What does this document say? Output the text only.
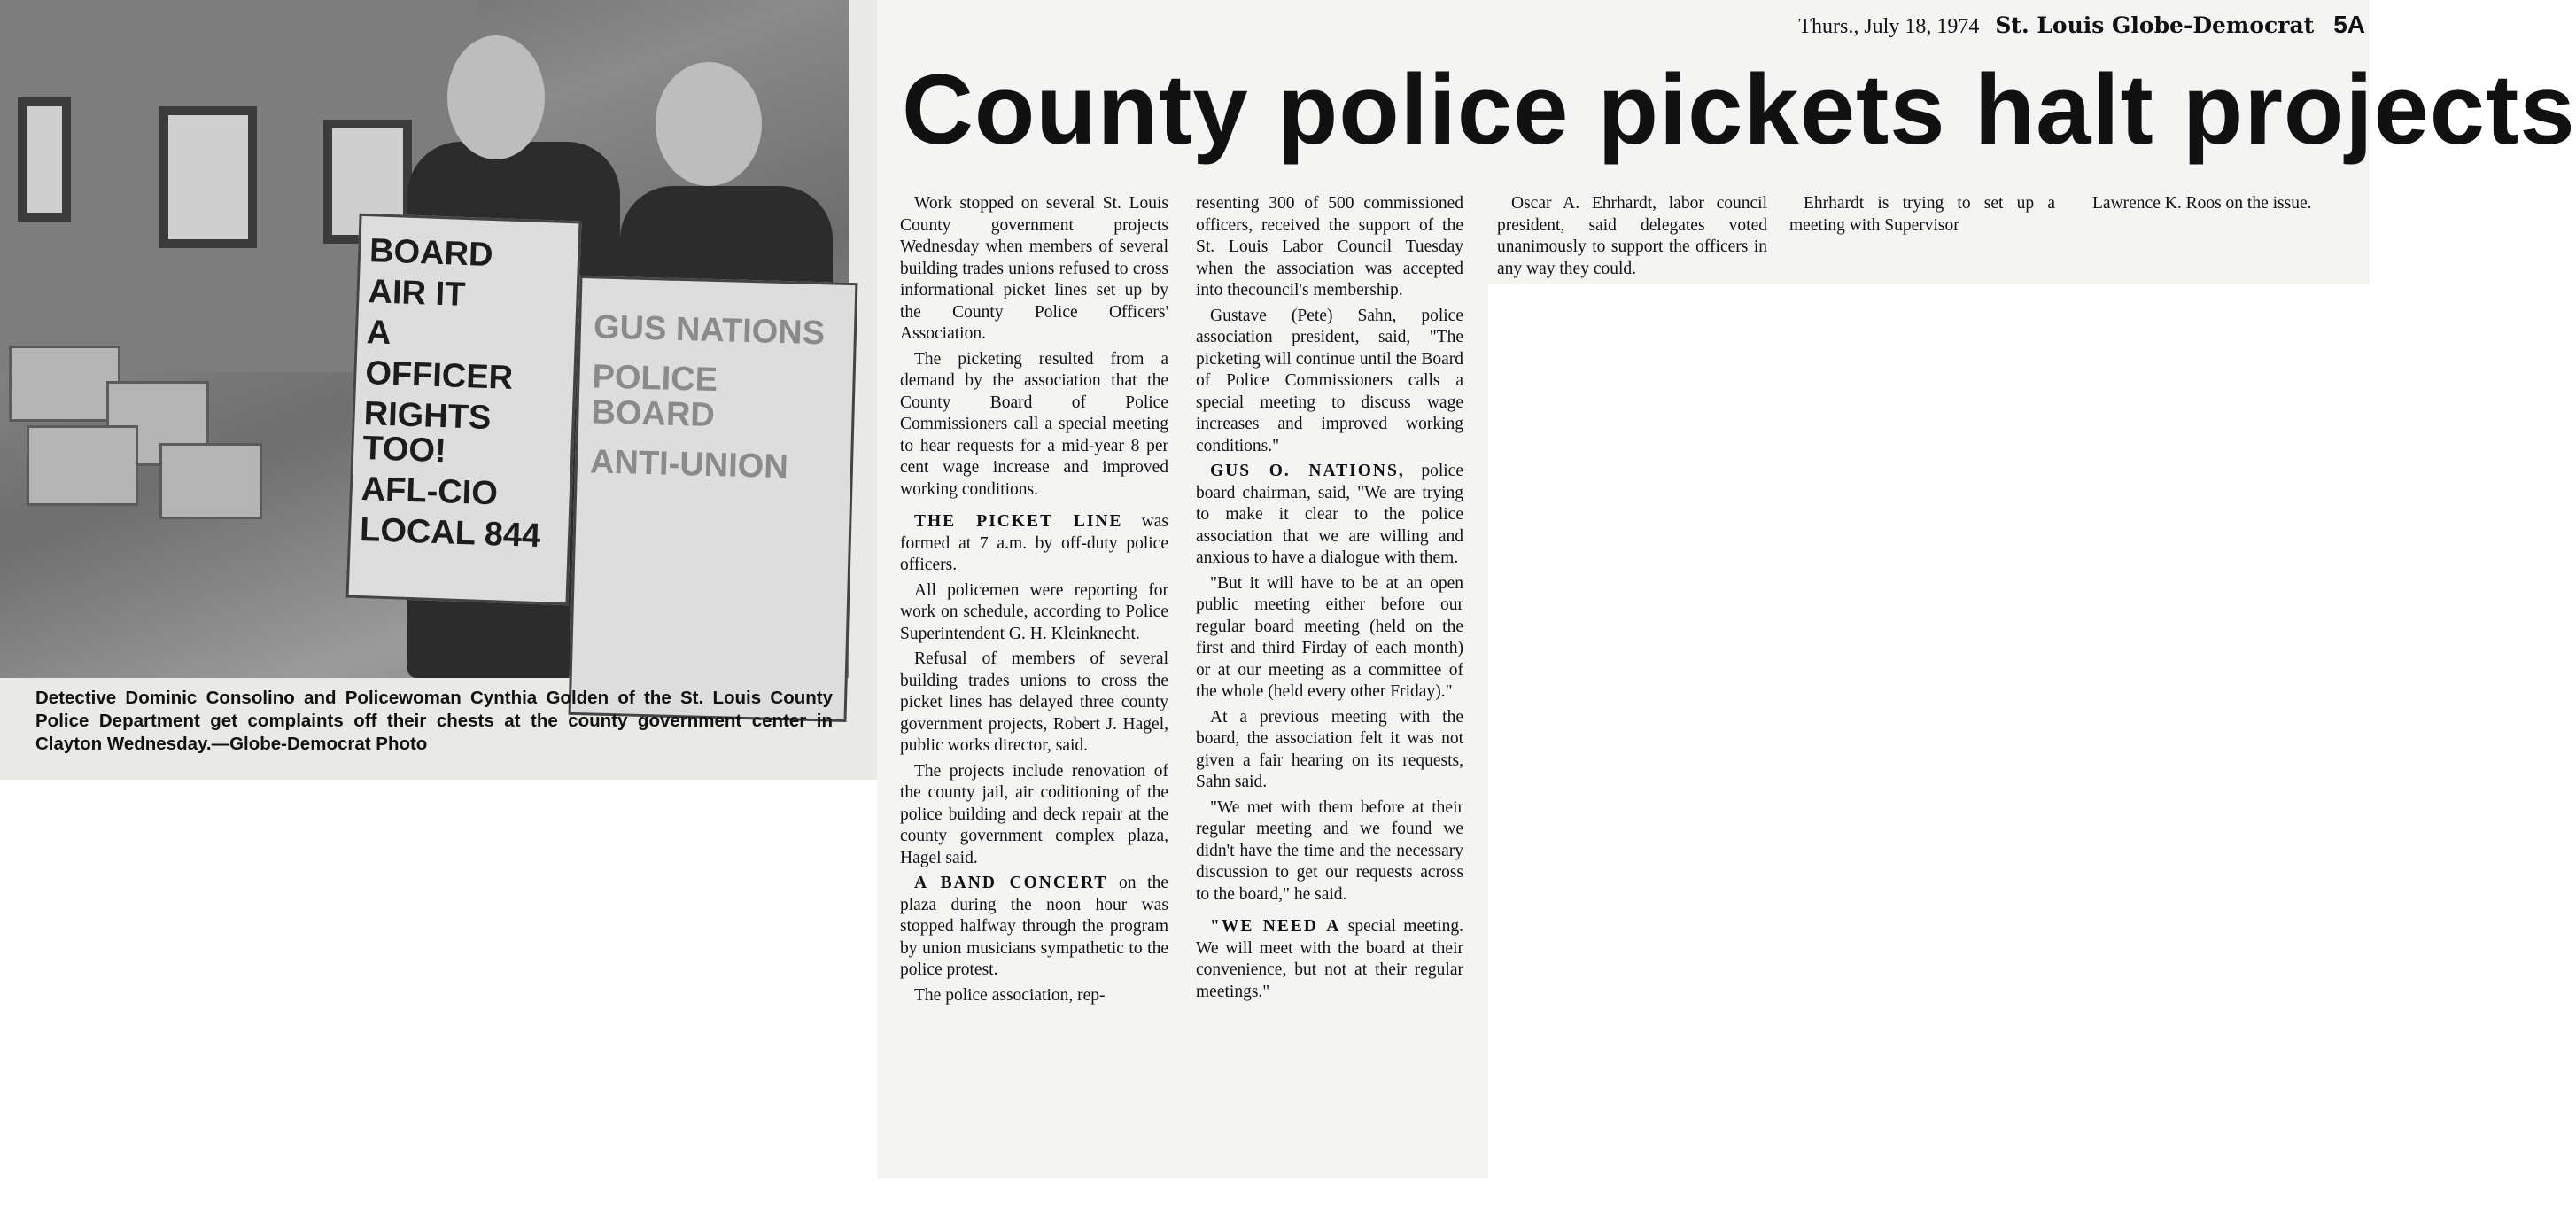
BOARD
AIR IT
A
OFFICER
RIGHTS TOO!
AFL-CIO
LOCAL 844
GUS NATIONS
POLICE BOARD
ANTI-UNION
Detective Dominic Consolino and Policewoman Cynthia Golden of the St. Louis County Police Department get complaints off their chests at the county government center in Clayton Wednesday.—Globe-Democrat Photo
Thurs., July 18, 1974 St. Louis Globe-Democrat 5A
County police pickets halt projects

Work stopped on several St. Louis County government projects Wednesday when members of several building trades unions refused to cross informational picket lines set up by the County Police Officers' Association.

The picketing resulted from a demand by the association that the County Board of Police Commissioners call a special meeting to hear requests for a mid-year 8 per cent wage increase and improved working conditions.

THE PICKET LINE was formed at 7 a.m. by off-duty police officers.

All policemen were reporting for work on schedule, according to Police Superintendent G. H. Kleinknecht.

Refusal of members of several building trades unions to cross the picket lines has delayed three county government projects, Robert J. Hagel, public works director, said.

The projects include renovation of the county jail, air coditioning of the police building and deck repair at the county government complex plaza, Hagel said.

A BAND CONCERT on the plaza during the noon hour was stopped halfway through the program by union musicians sympathetic to the police protest.

The police association, rep-

resenting 300 of 500 commissioned officers, received the support of the St. Louis Labor Council Tuesday when the association was accepted into thecouncil's membership.

Gustave (Pete) Sahn, police association president, said, "The picketing will continue until the Board of Police Commissioners calls a special meeting to discuss wage increases and improved working conditions."

GUS O. NATIONS, police board chairman, said, "We are trying to make it clear to the police association that we are willing and anxious to have a dialogue with them.

"But it will have to be at an open public meeting either before our regular board meeting (held on the first and third Firday of each month) or at our meeting as a committee of the whole (held every other Friday)."

At a previous meeting with the board, the association felt it was not given a fair hearing on its requests, Sahn said.

"We met with them before at their regular meeting and we found we didn't have the time and the necessary discussion to get our requests across to the board," he said.

"WE NEED A special meeting. We will meet with the board at their convenience, but not at their regular meetings."

Oscar A. Ehrhardt, labor council president, said delegates voted unanimously to support the officers in any way they could.

Ehrhardt is trying to set up a meeting with Supervisor

Lawrence K. Roos on the issue.
